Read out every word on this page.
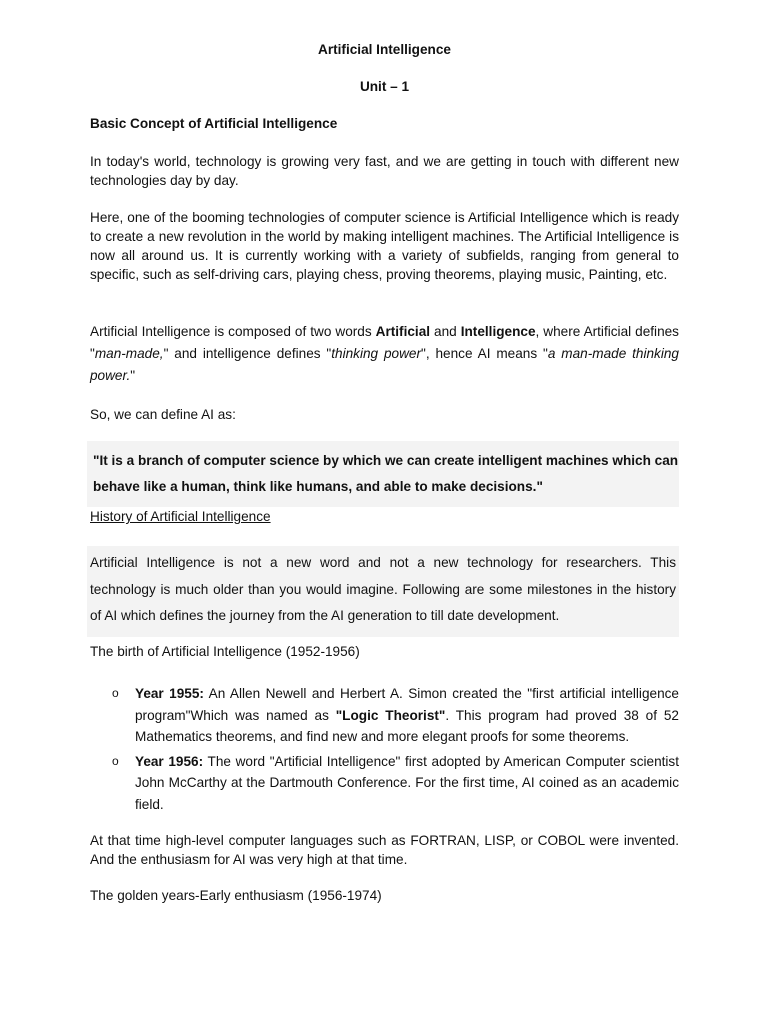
Artificial Intelligence

Unit – 1

Basic Concept of Artificial Intelligence

In today's world, technology is growing very fast, and we are getting in touch with different new technologies day by day.

Here, one of the booming technologies of computer science is Artificial Intelligence which is ready to create a new revolution in the world by making intelligent machines. The Artificial Intelligence is now all around us. It is currently working with a variety of subfields, ranging from general to specific, such as self-driving cars, playing chess, proving theorems, playing music, Painting, etc.

Artificial Intelligence is composed of two words Artificial and Intelligence, where Artificial defines "man-made," and intelligence defines "thinking power", hence AI means "a man-made thinking power."

So, we can define AI as:

"It is a branch of computer science by which we can create intelligent machines which can behave like a human, think like humans, and able to make decisions."

History of Artificial Intelligence

Artificial Intelligence is not a new word and not a new technology for researchers. This technology is much older than you would imagine. Following are some milestones in the history of AI which defines the journey from the AI generation to till date development.

The birth of Artificial Intelligence (1952-1956)

o Year 1955: An Allen Newell and Herbert A. Simon created the "first artificial intelligence program"Which was named as "Logic Theorist". This program had proved 38 of 52 Mathematics theorems, and find new and more elegant proofs for some theorems.
o Year 1956: The word "Artificial Intelligence" first adopted by American Computer scientist John McCarthy at the Dartmouth Conference. For the first time, AI coined as an academic field.

At that time high-level computer languages such as FORTRAN, LISP, or COBOL were invented. And the enthusiasm for AI was very high at that time.

The golden years-Early enthusiasm (1956-1974)
